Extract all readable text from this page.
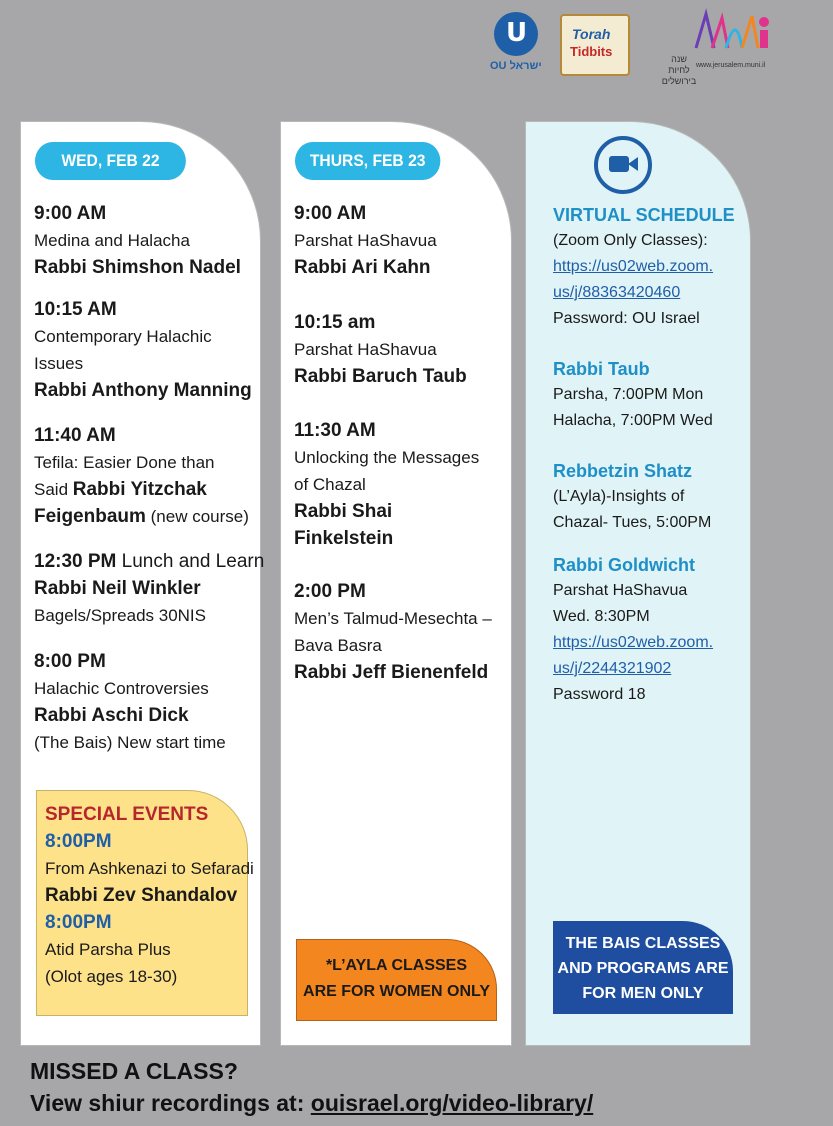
U
OU ישראל
Torah
Tidbits	שנה לחיות בירושלים
www.jerusalem.muni.il
WED, FEB 22
9:00 AM
Medina and Halacha
Rabbi Shimshon Nadel
10:15 AM
Contemporary Halachic
Issues
Rabbi Anthony Manning
11:40 AM
Tefila: Easier Done than
Said Rabbi Yitzchak
Feigenbaum (new course)
12:30 PM Lunch and Learn
Rabbi Neil Winkler
Bagels/Spreads 30NIS
8:00 PM
Halachic Controversies
Rabbi Aschi Dick
(The Bais) New start time
SPECIAL EVENTS
8:00PM
From Ashkenazi to Sefaradi
Rabbi Zev Shandalov
8:00PM
Atid Parsha Plus
(Olot ages 18-30)
THURS, FEB 23
9:00 AM
Parshat HaShavua
Rabbi Ari Kahn
10:15 am
Parshat HaShavua
Rabbi Baruch Taub
11:30 AM
Unlocking the Messages
of Chazal
Rabbi Shai
Finkelstein
2:00 PM
Men’s Talmud-Mesechta –
Bava Basra
Rabbi Jeff Bienenfeld
*L’AYLA CLASSES
ARE FOR WOMEN ONLY
VIRTUAL SCHEDULE
(Zoom Only Classes):
https://us02web.zoom.
us/j/88363420460
Password: OU Israel
Rabbi Taub
Parsha, 7:00PM Mon
Halacha, 7:00PM Wed
Rebbetzin Shatz
(L’Ayla)-Insights of
Chazal- Tues, 5:00PM
Rabbi Goldwicht
Parshat HaShavua
Wed. 8:30PM
https://us02web.zoom.
us/j/2244321902
Password 18
THE BAIS CLASSES
AND PROGRAMS ARE
FOR MEN ONLY
MISSED A CLASS?
View shiur recordings at: ouisrael.org/video-library/
